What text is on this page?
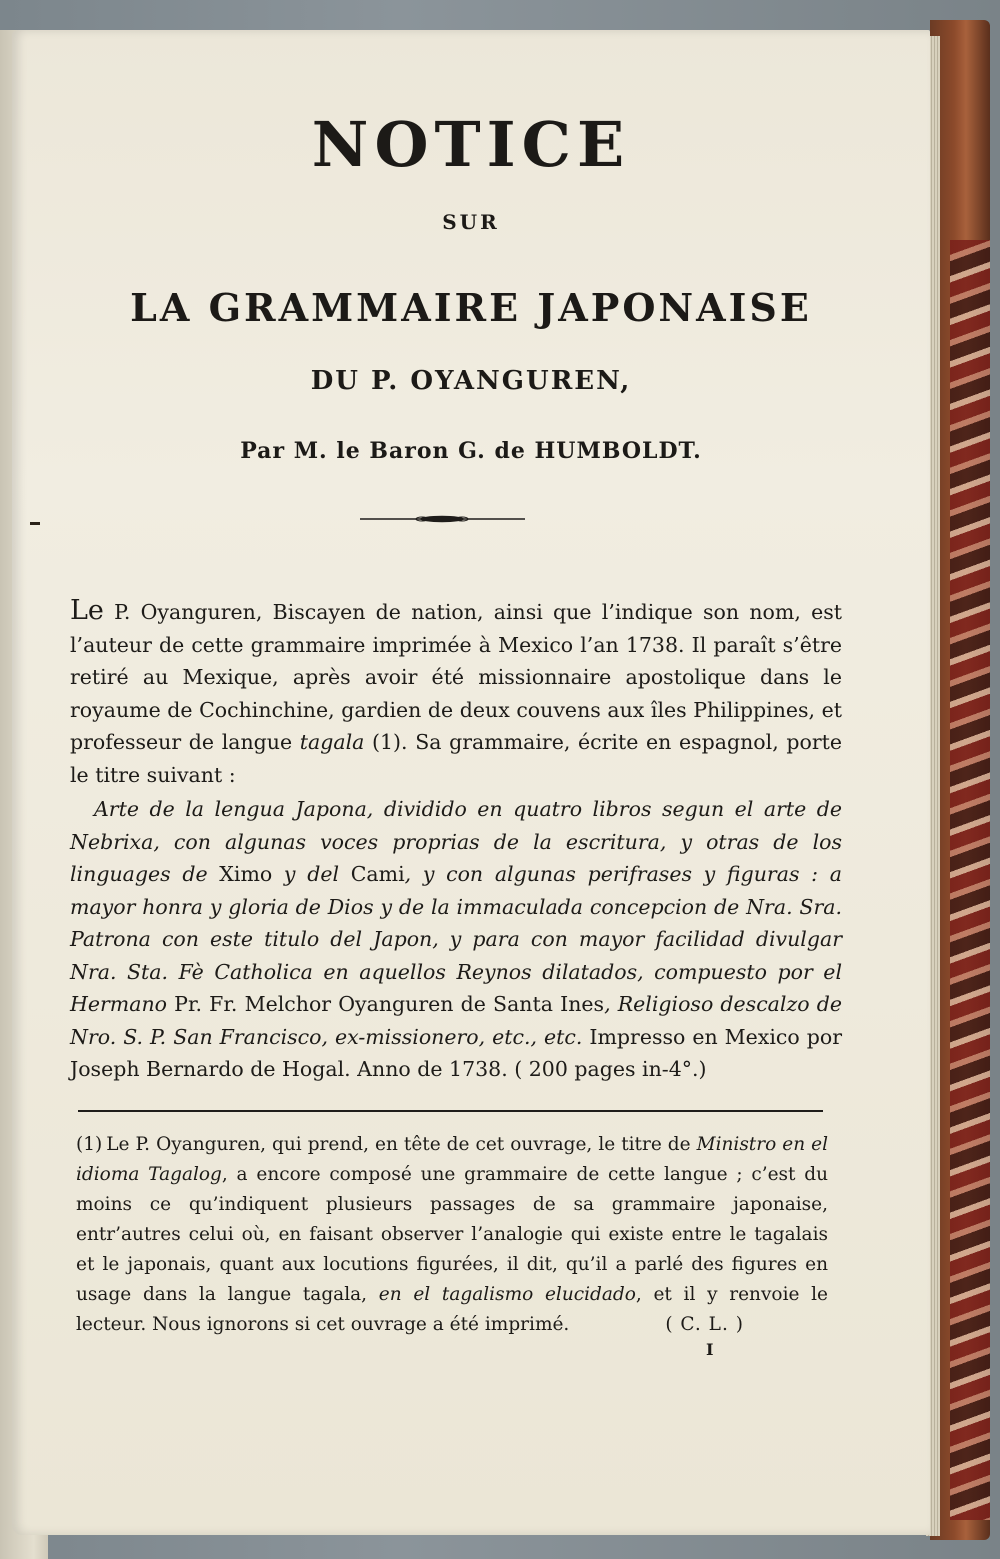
NOTICE
SUR
LA GRAMMAIRE JAPONAISE
DU P. OYANGUREN,
Par M. le Baron G. de HUMBOLDT.
Le P. Oyanguren, Biscayen de nation, ainsi que l’indique son nom, est l’auteur de cette grammaire imprimée à Mexico l’an 1738. Il paraît s’être retiré au Mexique, après avoir été missionnaire apostolique dans le royaume de Cochinchine, gardien de deux couvens aux îles Philippines, et professeur de langue tagala (1). Sa grammaire, écrite en espagnol, porte le titre suivant :
Arte de la lengua Japona, dividido en quatro libros segun el arte de Nebrixa, con algunas voces proprias de la escritura, y otras de los linguages de Ximo y del Cami, y con algunas perifrases y figuras : a mayor honra y gloria de Dios y de la immaculada concepcion de Nra. Sra. Patrona con este titulo del Japon, y para con mayor facilidad divulgar Nra. Sta. Fè Catholica en aquellos Reynos dilatados, compuesto por el Hermano Pr. Fr. Melchor Oyanguren de Santa Ines, Religioso descalzo de Nro. S. P. San Francisco, ex-missionero, etc., etc. Impresso en Mexico por Joseph Bernardo de Hogal. Anno de 1738. ( 200 pages in-4°.)
(1) Le P. Oyanguren, qui prend, en tête de cet ouvrage, le titre de Ministro en el idioma Tagalog, a encore composé une grammaire de cette langue ; c’est du moins ce qu’indiquent plusieurs passages de sa grammaire japonaise, entr’autres celui où, en faisant observer l’analogie qui existe entre le tagalais et le japonais, quant aux locutions figurées, il dit, qu’il a parlé des figures en usage dans la langue tagala, en el tagalismo elucidado, et il y renvoie le lecteur. Nous ignorons si cet ouvrage a été imprimé.	( C. L. )
I
